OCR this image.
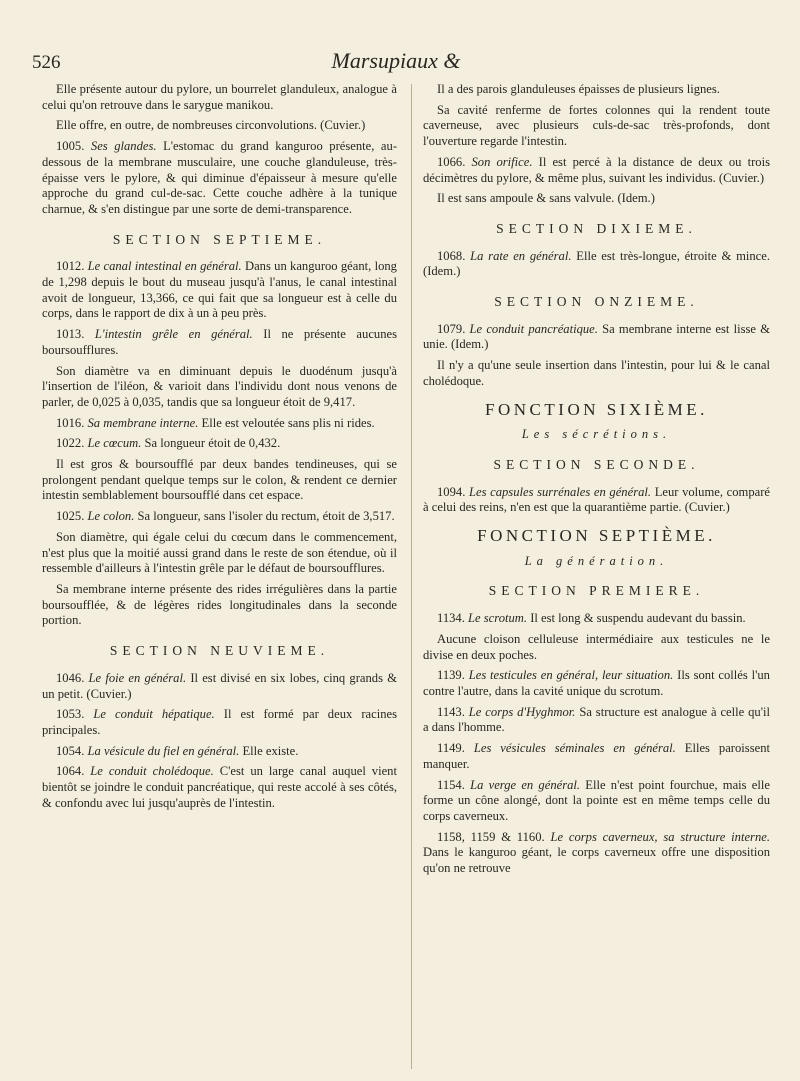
526	Marsupiaux &

Elle présente autour du pylore, un bourrelet glanduleux, analogue à celui qu'on retrouve dans le sarygue manikou.

Elle offre, en outre, de nombreuses circonvolutions. (Cuvier.)

1005. Ses glandes. L'estomac du grand kanguroo présente, au-dessous de la membrane musculaire, une couche glanduleuse, très-épaisse vers le pylore, & qui diminue d'épaisseur à mesure qu'elle approche du grand cul-de-sac. Cette couche adhère à la tunique charnue, & s'en distingue par une sorte de demi-transparence.

SECTION SEPTIEME.

1012. Le canal intestinal en général. Dans un kanguroo géant, long de 1,298 depuis le bout du museau jusqu'à l'anus, le canal intestinal avoit de longueur, 13,366, ce qui fait que sa longueur est à celle du corps, dans le rapport de dix à un à peu près.

1013. L'intestin grêle en général. Il ne présente aucunes boursoufflures.

Son diamètre va en diminuant depuis le duodénum jusqu'à l'insertion de l'iléon, & varioit dans l'individu dont nous venons de parler, de 0,025 à 0,035, tandis que sa longueur étoit de 9,417.

1016. Sa membrane interne. Elle est veloutée sans plis ni rides.

1022. Le cœcum. Sa longueur étoit de 0,432.

Il est gros & boursoufflé par deux bandes tendineuses, qui se prolongent pendant quelque temps sur le colon, & rendent ce dernier intestin semblablement boursoufflé dans cet espace.

1025. Le colon. Sa longueur, sans l'isoler du rectum, étoit de 3,517.

Son diamètre, qui égale celui du cœcum dans le commencement, n'est plus que la moitié aussi grand dans le reste de son étendue, où il ressemble d'ailleurs à l'intestin grêle par le défaut de boursoufflures.

Sa membrane interne présente des rides irrégulières dans la partie boursoufflée, & de légères rides longitudinales dans la seconde portion.

SECTION NEUVIEME.

1046. Le foie en général. Il est divisé en six lobes, cinq grands & un petit. (Cuvier.)

1053. Le conduit hépatique. Il est formé par deux racines principales.

1054. La vésicule du fiel en général. Elle existe.

1064. Le conduit cholédoque. C'est un large canal auquel vient bientôt se joindre le conduit pancréatique, qui reste accolé à ses côtés, & confondu avec lui jusqu'auprès de l'intestin.

Il a des parois glanduleuses épaisses de plusieurs lignes.

Sa cavité renferme de fortes colonnes qui la rendent toute caverneuse, avec plusieurs culs-de-sac très-profonds, dont l'ouverture regarde l'intestin.

1066. Son orifice. Il est percé à la distance de deux ou trois décimètres du pylore, & même plus, suivant les individus. (Cuvier.)

Il est sans ampoule & sans valvule. (Idem.)

SECTION DIXIEME.

1068. La rate en général. Elle est très-longue, étroite & mince. (Idem.)

SECTION ONZIEME.

1079. Le conduit pancréatique. Sa membrane interne est lisse & unie. (Idem.)

Il n'y a qu'une seule insertion dans l'intestin, pour lui & le canal cholédoque.

FONCTION SIXIÈME.
Les sécrétions.
SECTION SECONDE.

1094. Les capsules surrénales en général. Leur volume, comparé à celui des reins, n'en est que la quarantième partie. (Cuvier.)

FONCTION SEPTIÈME.
La génération.
SECTION PREMIERE.

1134. Le scrotum. Il est long & suspendu audevant du bassin.

Aucune cloison celluleuse intermédiaire aux testicules ne le divise en deux poches.

1139. Les testicules en général, leur situation. Ils sont collés l'un contre l'autre, dans la cavité unique du scrotum.

1143. Le corps d'Hyghmor. Sa structure est analogue à celle qu'il a dans l'homme.

1149. Les vésicules séminales en général. Elles paroissent manquer.

1154. La verge en général. Elle n'est point fourchue, mais elle forme un cône alongé, dont la pointe est en même temps celle du corps caverneux.

1158, 1159 & 1160. Le corps caverneux, sa structure interne. Dans le kanguroo géant, le corps caverneux offre une disposition qu'on ne retrouve
